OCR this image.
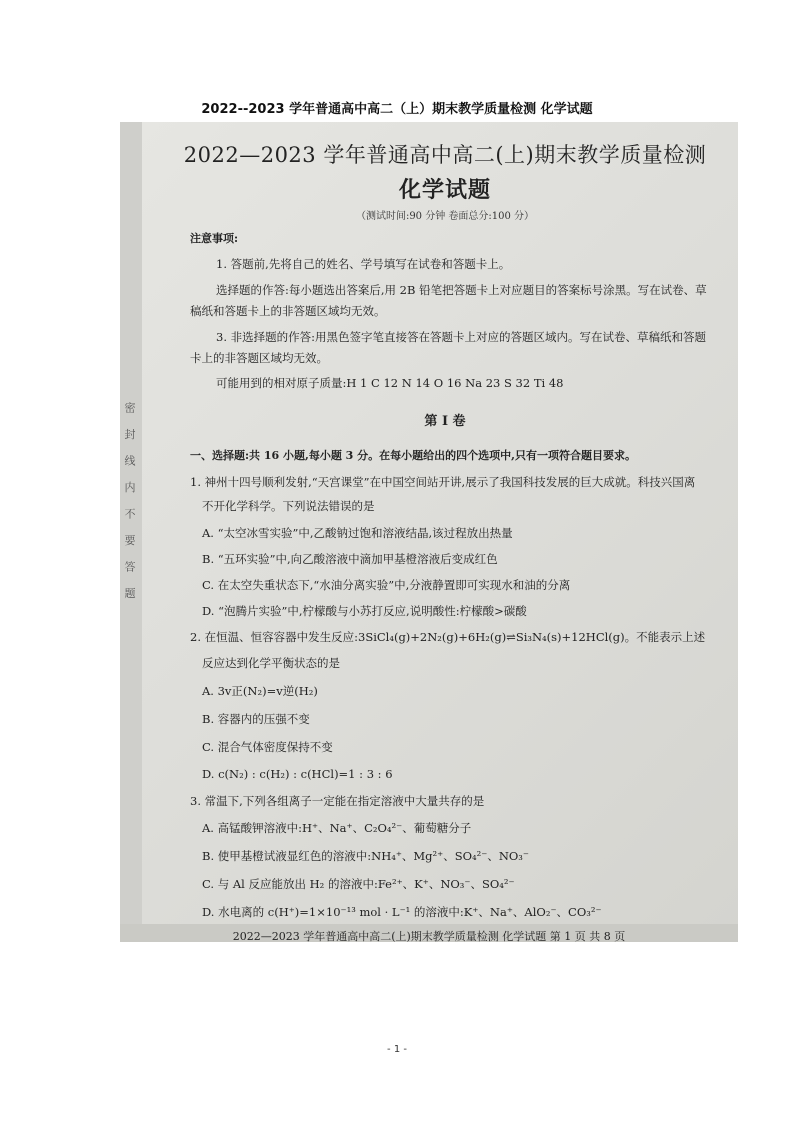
2022--2023 学年普通高中高二（上）期末教学质量检测 化学试题
密 封 线 内 不 要 答 题
2022—2023 学年普通高中高二(上)期末教学质量检测
化学试题
（测试时间:90 分钟 卷面总分:100 分）
注意事项:
1. 答题前,先将自己的姓名、学号填写在试卷和答题卡上。
选择题的作答:每小题选出答案后,用 2B 铅笔把答题卡上对应题目的答案标号涂黑。写在试卷、草
稿纸和答题卡上的非答题区域均无效。
3. 非选择题的作答:用黑色签字笔直接答在答题卡上对应的答题区域内。写在试卷、草稿纸和答题
卡上的非答题区域均无效。
可能用到的相对原子质量:H 1 C 12 N 14 O 16 Na 23 S 32 Ti 48
第 I 卷
一、选择题:共 16 小题,每小题 3 分。在每小题给出的四个选项中,只有一项符合题目要求。
1. 神州十四号顺利发射,“天宫课堂”在中国空间站开讲,展示了我国科技发展的巨大成就。科技兴国离
不开化学科学。下列说法错误的是
A. “太空冰雪实验”中,乙酸钠过饱和溶液结晶,该过程放出热量
B. “五环实验”中,向乙酸溶液中滴加甲基橙溶液后变成红色
C. 在太空失重状态下,“水油分离实验”中,分液静置即可实现水和油的分离
D. “泡腾片实验”中,柠檬酸与小苏打反应,说明酸性:柠檬酸>碳酸
2. 在恒温、恒容容器中发生反应:3SiCl₄(g)+2N₂(g)+6H₂(g)⇌Si₃N₄(s)+12HCl(g)。不能表示上述
反应达到化学平衡状态的是
A. 3v正(N₂)=v逆(H₂)
B. 容器内的压强不变
C. 混合气体密度保持不变
D. c(N₂) : c(H₂) : c(HCl)=1 : 3 : 6
3. 常温下,下列各组离子一定能在指定溶液中大量共存的是
A. 高锰酸钾溶液中:H⁺、Na⁺、C₂O₄²⁻、葡萄糖分子
B. 使甲基橙试液显红色的溶液中:NH₄⁺、Mg²⁺、SO₄²⁻、NO₃⁻
C. 与 Al 反应能放出 H₂ 的溶液中:Fe²⁺、K⁺、NO₃⁻、SO₄²⁻
D. 水电离的 c(H⁺)=1×10⁻¹³ mol · L⁻¹ 的溶液中:K⁺、Na⁺、AlO₂⁻、CO₃²⁻
2022—2023 学年普通高中高二(上)期末教学质量检测 化学试题 第 1 页 共 8 页
- 1 -
